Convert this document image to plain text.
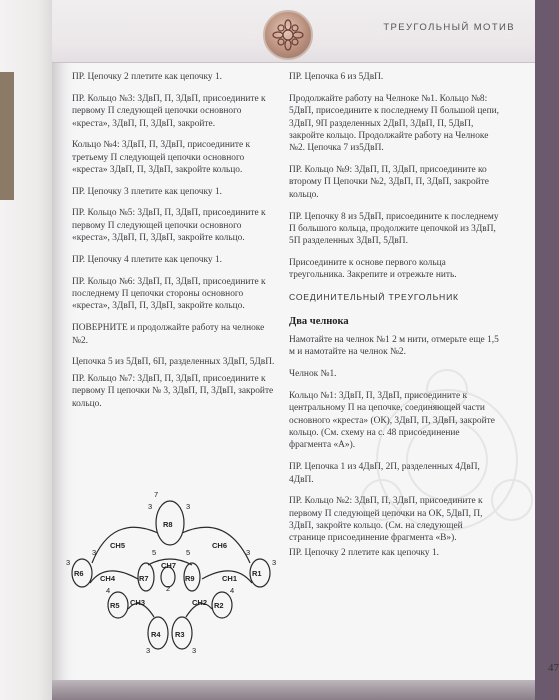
ТРЕУГОЛЬНЫЙ МОТИВ
47

ПР. Цепочку 2 плетите как цепочку 1.

ПР. Кольцо №3: 3ДвП, П, 3ДвП, присоедините к первому П следующей цепочки основного «креста», 3ДвП, П, 3ДвП, закройте.

Кольцо №4: 3ДвП, П, 3ДвП, присоедините к третьему П следующей цепочки основного «креста» 3ДвП, П, 3ДвП, закройте кольцо.

ПР. Цепочку 3 плетите как цепочку 1.

ПР. Кольцо №5: 3ДвП, П, 3ДвП, присоедините к первому П следующей цепочки основного «креста», 3ДвП, П, 3ДвП, закройте кольцо.

ПР. Цепочку 4 плетите как цепочку 1.

ПР. Кольцо №6: 3ДвП, П, 3ДвП, присоедините к последнему П цепочки стороны основного «креста», 3ДвП, П, 3ДвП, закройте кольцо.

ПОВЕРНИТЕ и продолжайте работу на челноке №2.

Цепочка 5 из 5ДвП, 6П, разделенных 3ДвП, 5ДвП.

ПР. Кольцо №7: 3ДвП, П, 3ДвП, присоедините к первому П цепочки № 3, 3ДвП, П, 3ДвП, закройте кольцо.

ПР. Цепочка 6 из 5ДвП.

Продолжайте работу на Челноке №1. Кольцо №8: 5ДвП, присоедините к последнему П большой цепи, 3ДвП, 9П разделенных 2ДвП, 3ДвП, П, 5ДвП, закройте кольцо. Продолжайте работу на Челноке №2. Цепочка 7 из5ДвП.

ПР. Кольцо №9: 3ДвП, П, 3ДвП, присоедините ко второму П Цепочки №2, 3ДвП, П, 3ДвП, закройте кольцо.

ПР. Цепочку 8 из 5ДвП, присоедините к последнему П большого кольца, продолжите цепочкой из 3ДвП, 5П разделенных 3ДвП, 5ДвП.

Присоедините к основе первого кольца треугольника. Закрепите и отрежьте нить.

СОЕДИНИТЕЛЬНЫЙ ТРЕУГОЛЬНИК
Два челнока

Намотайте на челнок №1 2 м нити, отмерьте еще 1,5 м и намотайте на челнок №2.

Челнок №1.

Кольцо №1: 3ДвП, П, 3ДвП, присоедините к центральному П на цепочке, соединяющей части основного «креста» (ОК), 3ДвП, П, 3ДвП, закройте кольцо. (См. схему на с. 48 присоединение фрагмента «А»).

ПР. Цепочка 1 из 4ДвП, 2П, разделенных 4ДвП, 4ДвП.

ПР. Кольцо №2: 3ДвП, П, 3ДвП, присоедините к первому П следующей цепочки на ОК, 5ДвП, П, 3ДвП, закройте кольцо. (См. на следующей странице присоединение фрагмента «В»).

ПР. Цепочку 2 плетите как цепочку 1.

R8
R7
R6
R5
R4 R3
R2
R1
R9
CH5	CH6
CH7
CH4
CH3	CH2
CH1
3	3
7
5	5
3	3
3	3
4	4
3	3
2
